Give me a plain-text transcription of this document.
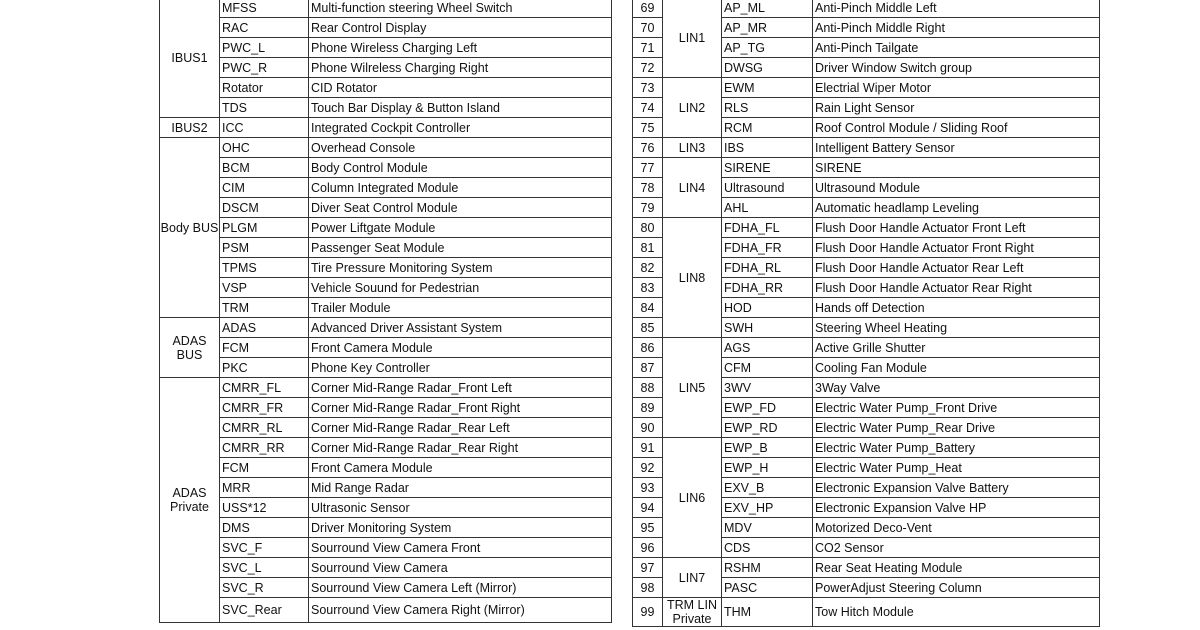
IBUS1	MFSS	Multi-function steering Wheel Switch
	RAC	Rear Control Display
	PWC_L	Phone Wireless Charging Left
	PWC_R	Phone Wilreless Charging Right
	Rotator	CID Rotator
	TDS	Touch Bar Display & Button Island
IBUS2	ICC	Integrated Cockpit Controller
Body BUS	OHC	Overhead Console
	BCM	Body Control Module
	CIM	Column Integrated Module
	DSCM	Diver Seat Control Module
	PLGM	Power Liftgate Module
	PSM	Passenger Seat Module
	TPMS	Tire Pressure Monitoring System
	VSP	Vehicle Souund for Pedestrian
	TRM	Trailer Module
ADAS BUS	ADAS	Advanced Driver Assistant System
	FCM	Front Camera Module
	PKC	Phone Key Controller
ADAS Private	CMRR_FL	Corner Mid-Range Radar_Front Left
	CMRR_FR	Corner Mid-Range Radar_Front Right
	CMRR_RL	Corner Mid-Range Radar_Rear Left
	CMRR_RR	Corner Mid-Range Radar_Rear Right
	FCM	Front Camera Module
	MRR	Mid Range Radar
	USS*12	Ultrasonic Sensor
	DMS	Driver Monitoring System
	SVC_F	Sourround View Camera Front
	SVC_L	Sourround View Camera
	SVC_R	Sourround View Camera Left (Mirror)
	SVC_Rear	Sourround View Camera Right (Mirror)
69	LIN1	AP_ML	Anti-Pinch Middle Left
70		AP_MR	Anti-Pinch Middle Right
71		AP_TG	Anti-Pinch Tailgate
72		DWSG	Driver Window Switch group
73	LIN2	EWM	Electrial Wiper Motor
74		RLS	Rain Light Sensor
75		RCM	Roof Control Module / Sliding Roof
76	LIN3	IBS	Intelligent Battery Sensor
77	LIN4	SIRENE	SIRENE
78		Ultrasound	Ultrasound Module
79		AHL	Automatic headlamp Leveling
80	LIN8	FDHA_FL	Flush Door Handle Actuator Front Left
81		FDHA_FR	Flush Door Handle Actuator Front Right
82		FDHA_RL	Flush Door Handle Actuator Rear Left
83		FDHA_RR	Flush Door Handle Actuator Rear Right
84		HOD	Hands off Detection
85		SWH	Steering Wheel Heating
86	LIN5	AGS	Active Grille Shutter
87		CFM	Cooling Fan Module
88		3WV	3Way Valve
89		EWP_FD	Electric Water Pump_Front Drive
90		EWP_RD	Electric Water Pump_Rear Drive
91	LIN6	EWP_B	Electric Water Pump_Battery
92		EWP_H	Electric Water Pump_Heat
93		EXV_B	Electronic Expansion Valve Battery
94		EXV_HP	Electronic Expansion Valve HP
95		MDV	Motorized Deco-Vent
96		CDS	CO2 Sensor
97	LIN7	RSHM	Rear Seat Heating Module
98		PASC	PowerAdjust Steering Column
99	TRM LIN Private	THM	Tow Hitch Module
